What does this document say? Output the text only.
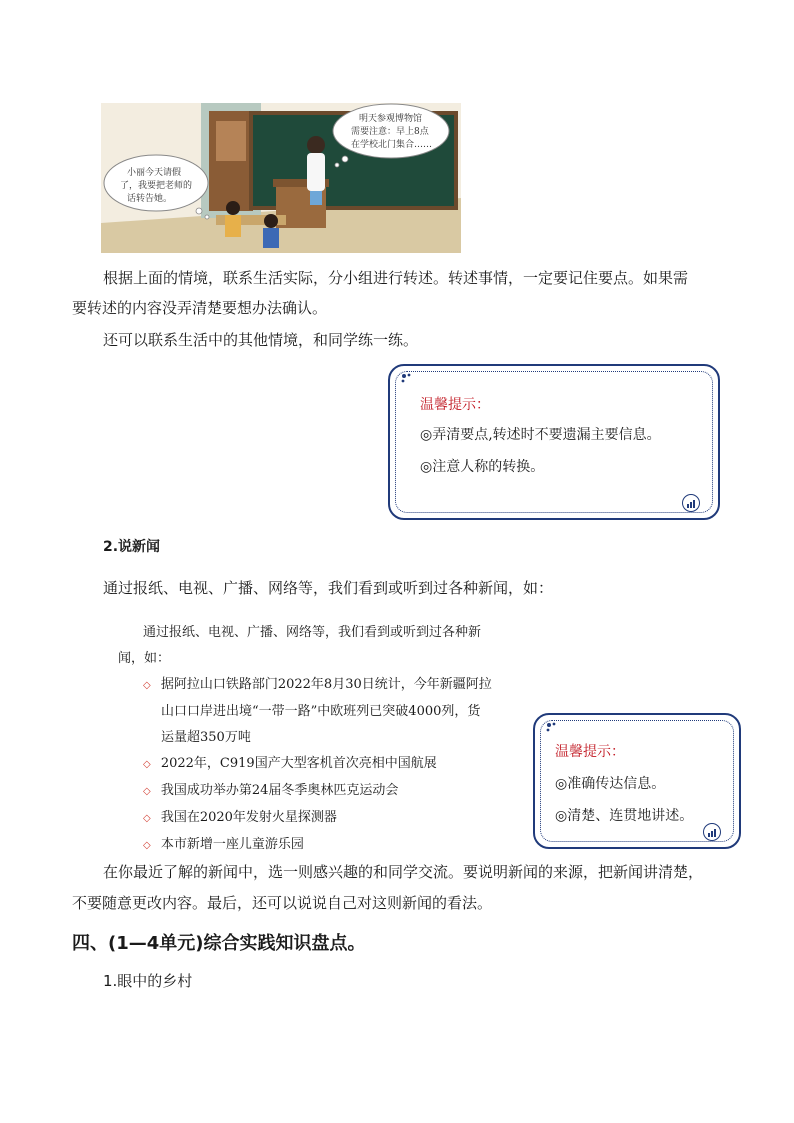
小丽今天请假
了，我要把老师的
话转告她。
明天参观博物馆
需要注意：早上8点
在学校北门集合……

根据上面的情境，联系生活实际，分小组进行转述。转述事情，一定要记住要点。如果需

要转述的内容没弄清楚要想办法确认。

还可以联系生活中的其他情境，和同学练一练。

温馨提示：
◎弄清要点,转述时不要遗漏主要信息。
◎注意人称的转换。
2.说新闻

通过报纸、电视、广播、网络等，我们看到或听到过各种新闻，如：

通过报纸、电视、广播、网络等，我们看到或听到过各种新
闻，如：
◇ 据阿拉山口铁路部门2022年8月30日统计，今年新疆阿拉
山口口岸进出境“一带一路”中欧班列已突破4000列，货
运量超350万吨
◇ 2022年，C919国产大型客机首次亮相中国航展
◇ 我国成功举办第24届冬季奥林匹克运动会
◇ 我国在2020年发射火星探测器
◇ 本市新增一座儿童游乐园
温馨提示：
◎准确传达信息。
◎清楚、连贯地讲述。

在你最近了解的新闻中，选一则感兴趣的和同学交流。要说明新闻的来源，把新闻讲清楚，

不要随意更改内容。最后，还可以说说自己对这则新闻的看法。

四、(1—4单元)综合实践知识盘点。
1.眼中的乡村
